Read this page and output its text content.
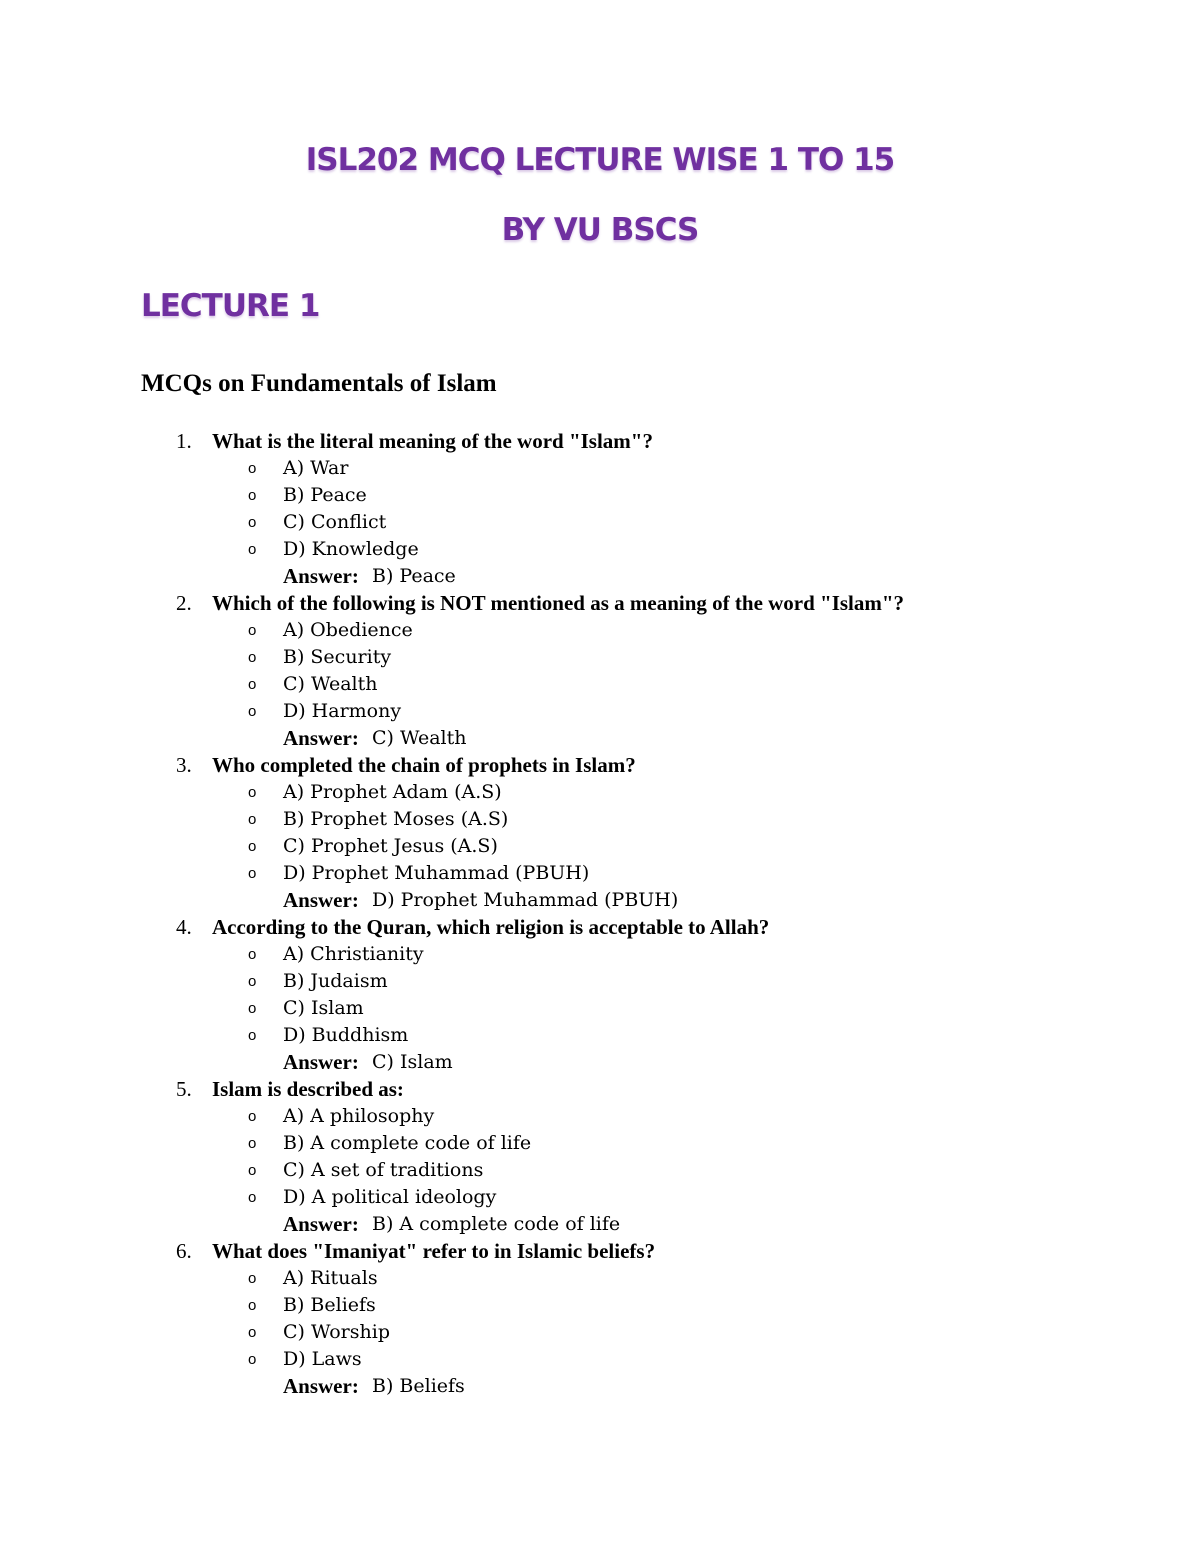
ISL202 MCQ LECTURE WISE 1 TO 15
BY VU BSCS
LECTURE 1
MCQs on Fundamentals of Islam
1. What is the literal meaning of the word "Islam"?
o A) War
o B) Peace
o C) Conflict
o D) Knowledge
Answer: B) Peace
2. Which of the following is NOT mentioned as a meaning of the word "Islam"?
o A) Obedience
o B) Security
o C) Wealth
o D) Harmony
Answer: C) Wealth
3. Who completed the chain of prophets in Islam?
o A) Prophet Adam (A.S)
o B) Prophet Moses (A.S)
o C) Prophet Jesus (A.S)
o D) Prophet Muhammad (PBUH)
Answer: D) Prophet Muhammad (PBUH)
4. According to the Quran, which religion is acceptable to Allah?
o A) Christianity
o B) Judaism
o C) Islam
o D) Buddhism
Answer: C) Islam
5. Islam is described as:
o A) A philosophy
o B) A complete code of life
o C) A set of traditions
o D) A political ideology
Answer: B) A complete code of life
6. What does "Imaniyat" refer to in Islamic beliefs?
o A) Rituals
o B) Beliefs
o C) Worship
o D) Laws
Answer: B) Beliefs
